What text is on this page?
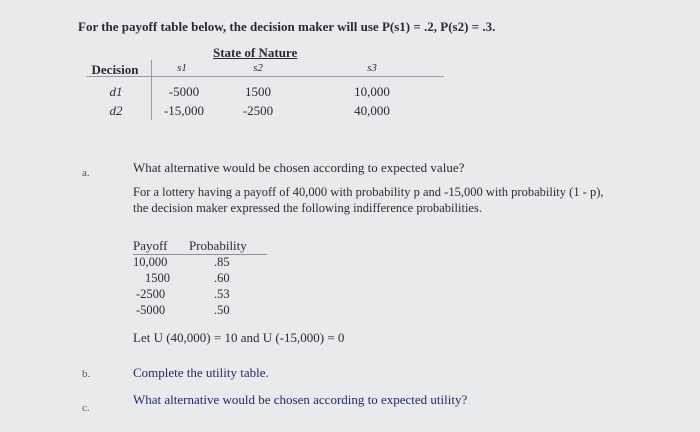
For the payoff table below, the decision maker will use P(s1) = .2, P(s2) = .3.
State of Nature
Decision	s1	s2	s3
d1	-5000	1500	10,000
d2	-15,000	-2500	40,000
a.	What alternative would be chosen according to expected value?
For a lottery having a payoff of 40,000 with probability p and -15,000 with probability (1 - p),
the decision maker expressed the following indifference probabilities.
Payoff Probability
10,000	.85
1500	.60
-2500	.53
-5000	.50
Let U (40,000) = 10 and U (-15,000) = 0
b.	Complete the utility table.
c.
What alternative would be chosen according to expected utility?
